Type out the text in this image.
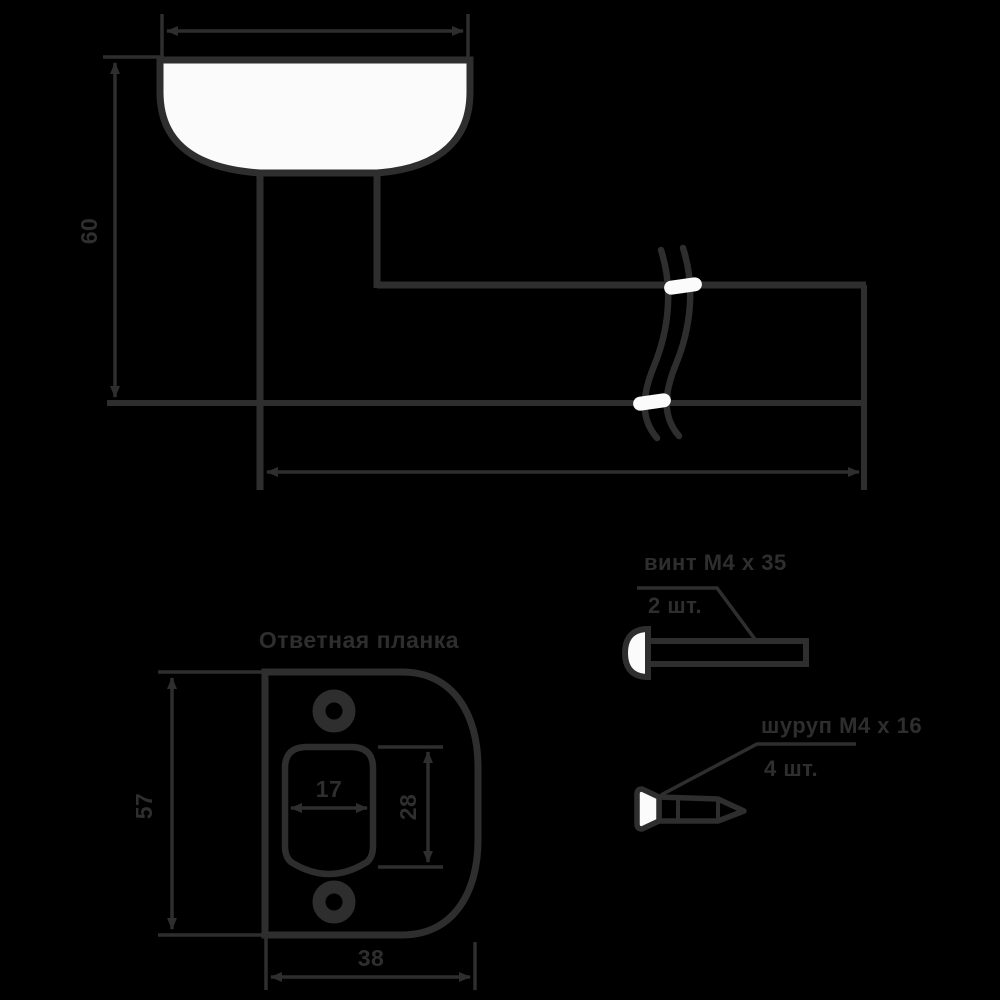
60
Ответная планка
17
28
57
38
винт M4 x 35
2 шт.
шуруп M4 x 16
4 шт.
